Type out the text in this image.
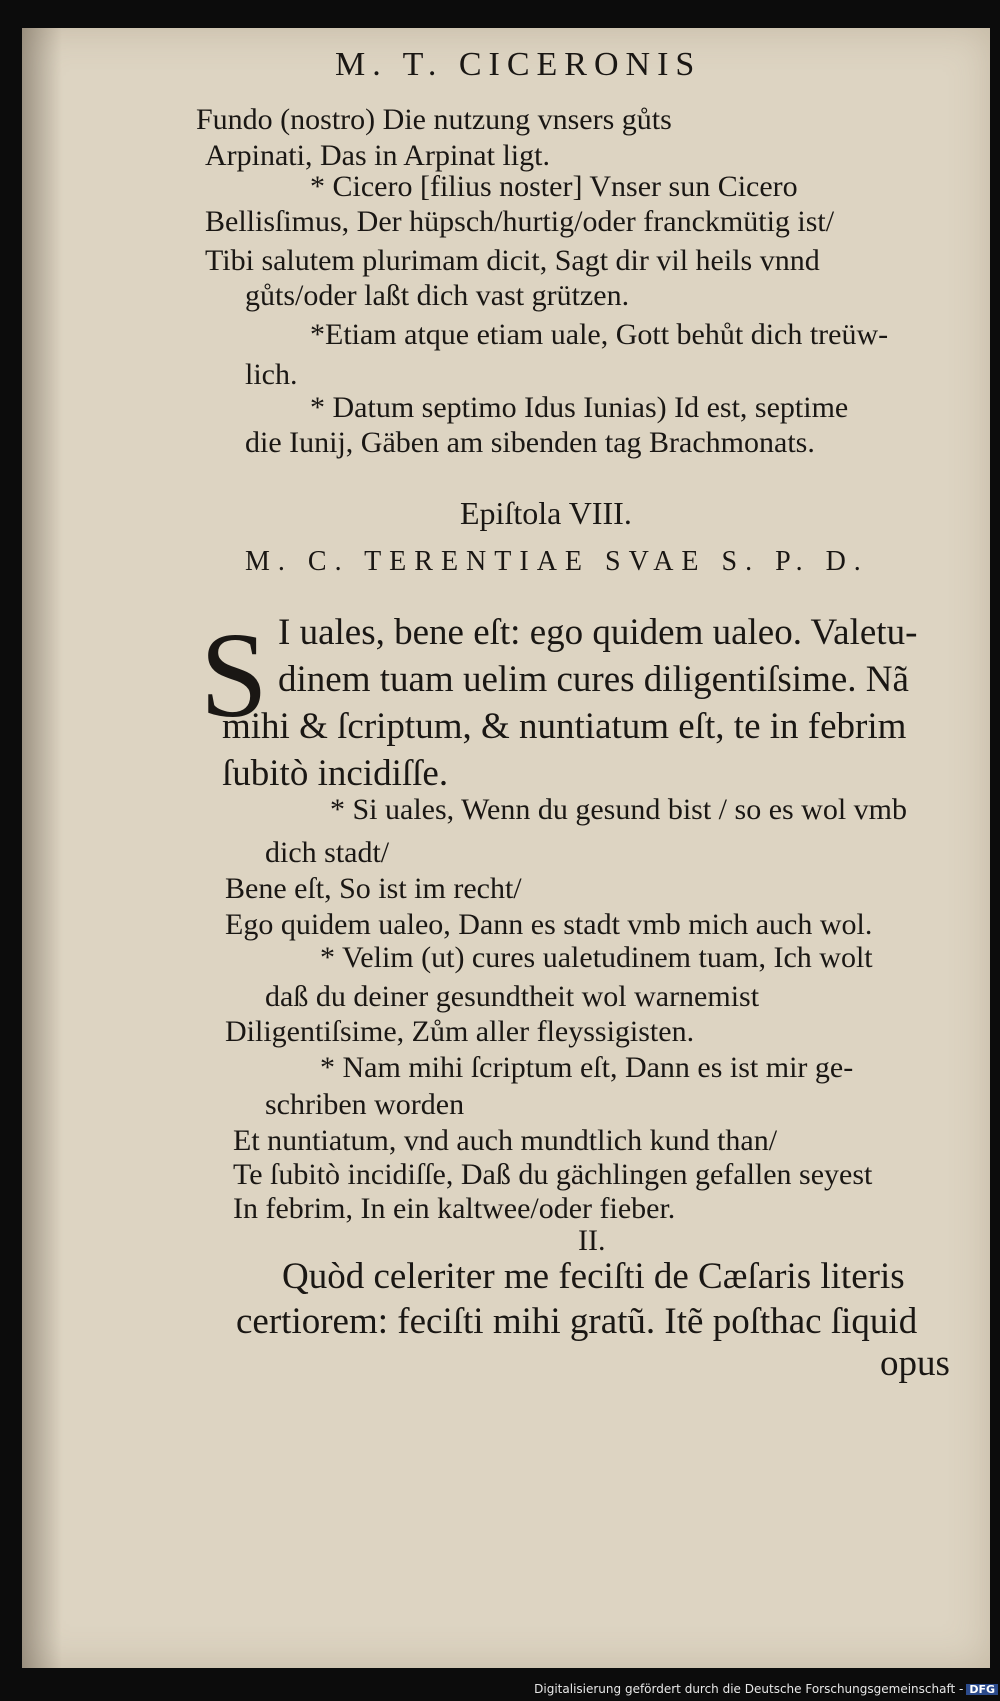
M. T. CICERONIS
Fundo (nostro) Die nutzung vnsers gůts
Arpinati, Das in Arpinat ligt.
* Cicero [filius noster] Vnser sun Cicero
Bellisſimus, Der hüpsch/hurtig/oder franckmütig ist/
Tibi salutem plurimam dicit, Sagt dir vil heils vnnd
gůts/oder laßt dich vast grützen.
*Etiam atque etiam uale, Gott behůt dich treüw-
lich.
* Datum septimo Idus Iunias) Id est, septime
die Iunij, Gäben am sibenden tag Brachmonats.
Epiſtola VIII.
M. C. TERENTIAE SVAE S. P. D.
S I uales, bene eſt: ego quidem ualeo. Valetu-
dinem tuam uelim cures diligentiſsime. Nã
mihi & ſcriptum, & nuntiatum eſt, te in febrim
ſubitò incidiſſe.
* Si uales, Wenn du gesund bist / so es wol vmb
dich stadt/
Bene eſt, So ist im recht/
Ego quidem ualeo, Dann es stadt vmb mich auch wol.
* Velim (ut) cures ualetudinem tuam, Ich wolt
daß du deiner gesundtheit wol warnemist
Diligentiſsime, Zům aller fleyssigisten.
* Nam mihi ſcriptum eſt, Dann es ist mir ge-
schriben worden
Et nuntiatum, vnd auch mundtlich kund than/
Te ſubitò incidiſſe, Daß du gächlingen gefallen seyest
In febrim, In ein kaltwee/oder fieber.
II.
Quòd celeriter me feciſti de Cæſaris literis
certiorem: feciſti mihi gratũ. Itẽ poſthac ſiquid
opus
Digitalisierung gefördert durch die Deutsche Forschungsgemeinschaft - DFG
